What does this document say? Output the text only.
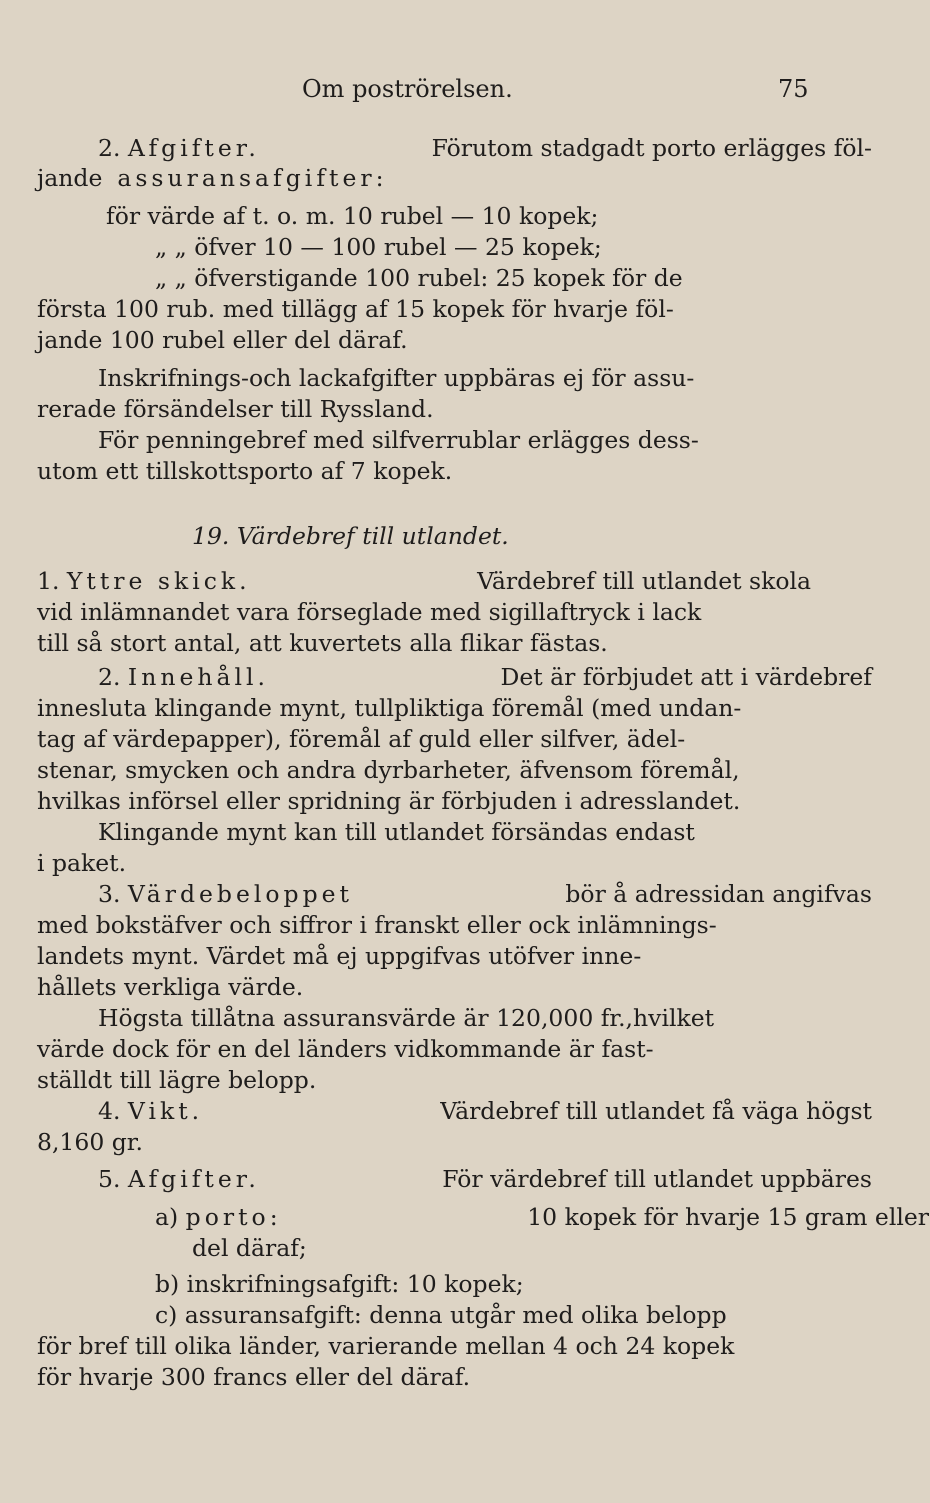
Om poströrelsen.	75
2. Afgifter.	Förutom stadgadt porto erlägges föl-
jande assuransafgifter:
för värde af t. o. m. 10 rubel — 10 kopek;
„ „ öfver 10 — 100 rubel — 25 kopek;
„ „ öfverstigande 100 rubel: 25 kopek för de
första 100 rub. med tillägg af 15 kopek för hvarje föl-
jande 100 rubel eller del däraf.
Inskrifnings-och lackafgifter uppbäras ej för assu-
rerade försändelser till Ryssland.
För penningebref med silfverrublar erlägges dess-
utom ett tillskottsporto af 7 kopek.
19. Värdebref till utlandet.
1. Yttre skick.	Värdebref till utlandet skola
vid inlämnandet vara förseglade med sigillaftryck i lack
till så stort antal, att kuvertets alla flikar fästas.
2. Innehåll.	Det är förbjudet att i värdebref
innesluta klingande mynt, tullpliktiga föremål (med undan-
tag af värdepapper), föremål af guld eller silfver, ädel-
stenar, smycken och andra dyrbarheter, äfvensom föremål,
hvilkas införsel eller spridning är förbjuden i adresslandet.
Klingande mynt kan till utlandet försändas endast
i paket.
3. Värdebeloppet	bör å adressidan angifvas
med bokstäfver och siffror i franskt eller ock inlämnings-
landets mynt. Värdet må ej uppgifvas utöfver inne-
hållets verkliga värde.
Högsta tillåtna assuransvärde är 120,000 fr.,hvilket
värde dock för en del länders vidkommande är fast-
ställdt till lägre belopp.
4. Vikt.	Värdebref till utlandet få väga högst
8,160 gr.
5. Afgifter.	För värdebref till utlandet uppbäres
a) porto:	10 kopek för hvarje 15 gram eller
del däraf;
b) inskrifningsafgift: 10 kopek;
c) assuransafgift: denna utgår med olika belopp
för bref till olika länder, varierande mellan 4 och 24 kopek
för hvarje 300 francs eller del däraf.
